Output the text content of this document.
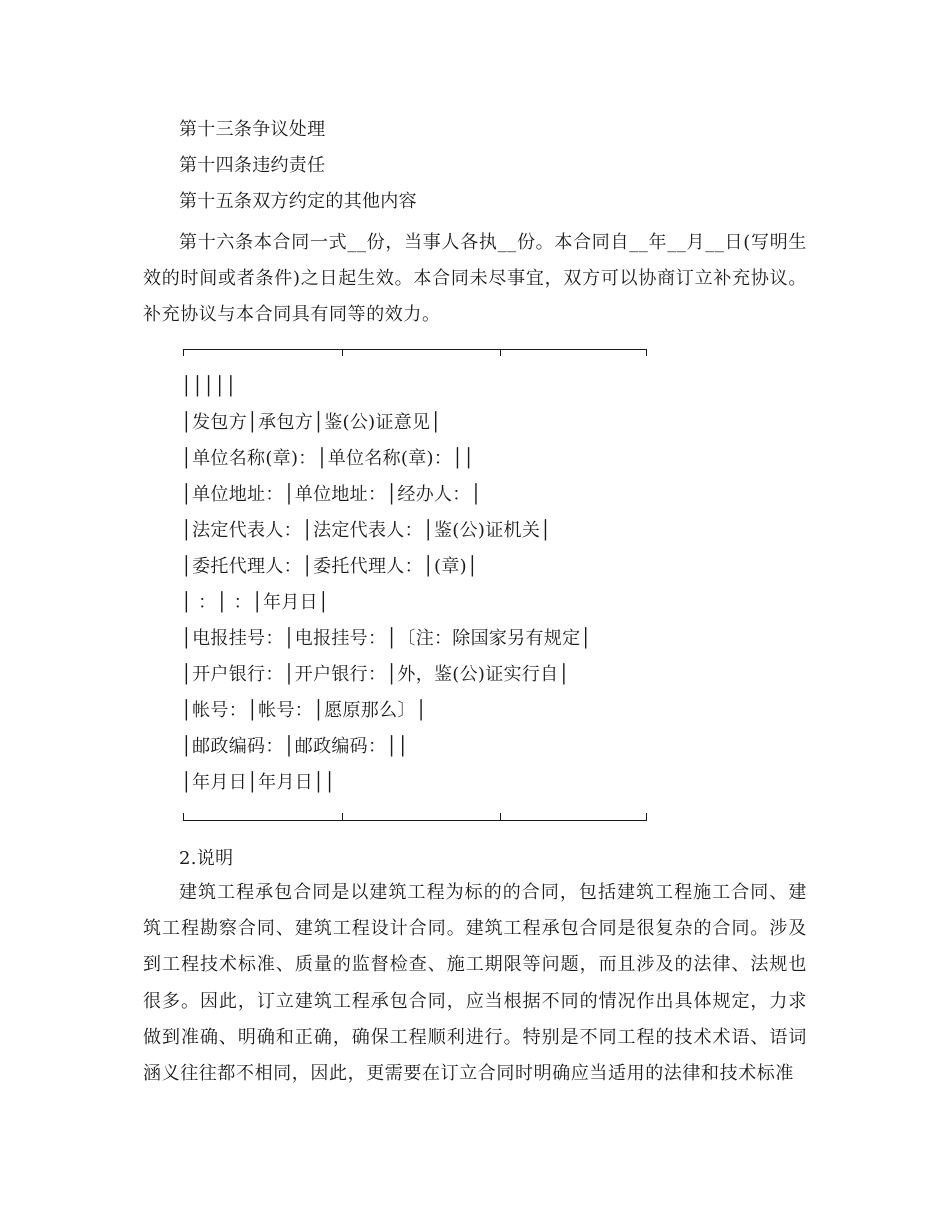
第十三条争议处理
第十四条违约责任
第十五条双方约定的其他内容
第十六条本合同一式__份，当事人各执__份。本合同自__年__月__日(写明生效的时间或者条件)之日起生效。本合同未尽事宜，双方可以协商订立补充协议。补充协议与本合同具有同等的效力。
│││││
│发包方│承包方│鉴(公)证意见│
│单位名称(章)：│单位名称(章)：││
│单位地址：│单位地址：│经办人：│
│法定代表人：│法定代表人：│鉴(公)证机关│
│委托代理人：│委托代理人：│(章)│
│ ：│ ：│年月日│
│电报挂号：│电报挂号：│〔注：除国家另有规定│
│开户银行：│开户银行：│外，鉴(公)证实行自│
│帐号：│帐号：│愿原那么〕│
│邮政编码：│邮政编码：││
│年月日│年月日││
2.说明
建筑工程承包合同是以建筑工程为标的的合同，包括建筑工程施工合同、建筑工程勘察合同、建筑工程设计合同。建筑工程承包合同是很复杂的合同。涉及到工程技术标准、质量的监督检查、施工期限等问题，而且涉及的法律、法规也很多。因此，订立建筑工程承包合同，应当根据不同的情况作出具体规定，力求做到准确、明确和正确，确保工程顺利进行。特别是不同工程的技术术语、语词涵义往往都不相同，因此，更需要在订立合同时明确应当适用的法律和技术标准
